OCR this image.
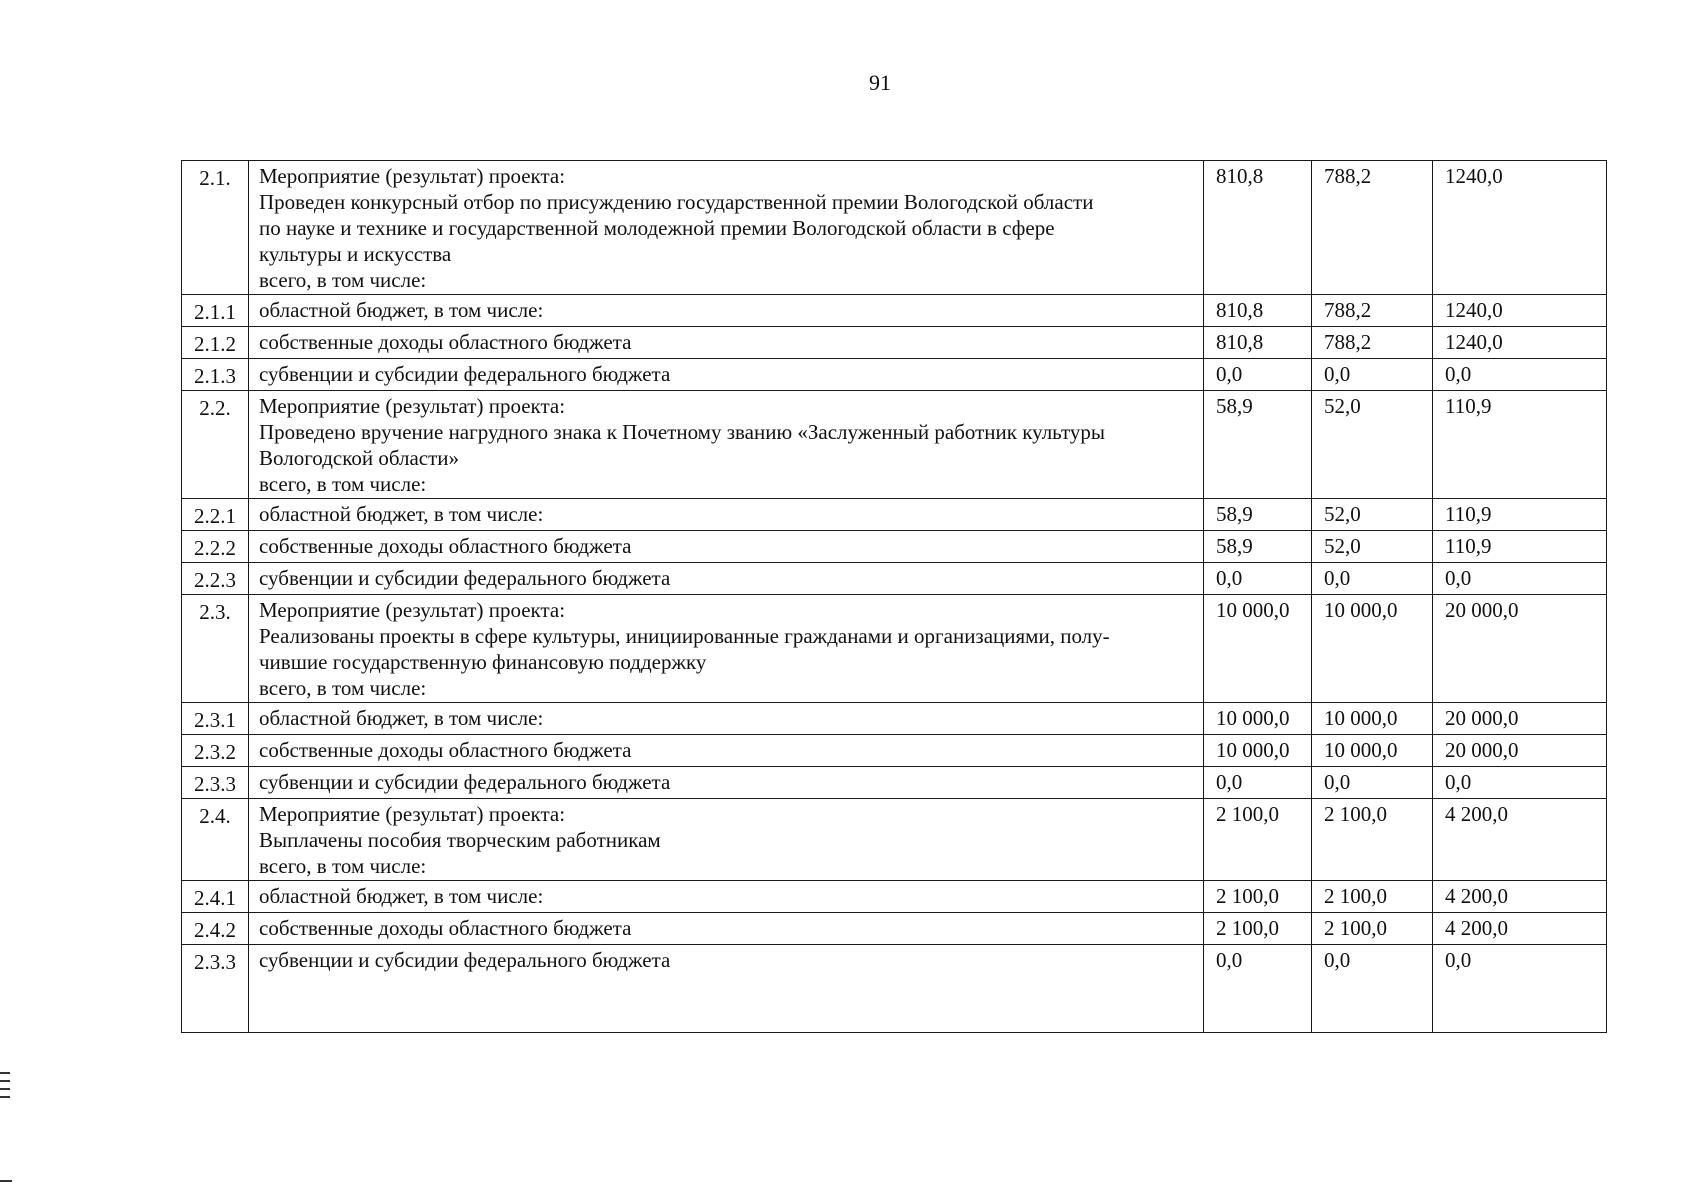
91
2.1.	Мероприятие (результат) проекта:
Проведен конкурсный отбор по присуждению государственной премии Вологодской области
по науке и технике и государственной молодежной премии Вологодской области в сфере
культуры и искусства
всего, в том числе:	810,8	788,2	1240,0
2.1.1	областной бюджет, в том числе:	810,8	788,2	1240,0
2.1.2	собственные доходы областного бюджета	810,8	788,2	1240,0
2.1.3	субвенции и субсидии федерального бюджета	0,0	0,0	0,0
2.2.	Мероприятие (результат) проекта:
Проведено вручение нагрудного знака к Почетному званию «Заслуженный работник культуры
Вологодской области»
всего, в том числе:	58,9	52,0	110,9
2.2.1	областной бюджет, в том числе:	58,9	52,0	110,9
2.2.2	собственные доходы областного бюджета	58,9	52,0	110,9
2.2.3	субвенции и субсидии федерального бюджета	0,0	0,0	0,0
2.3.	Мероприятие (результат) проекта:
Реализованы проекты в сфере культуры, инициированные гражданами и организациями, полу-
чившие государственную финансовую поддержку
всего, в том числе:	10 000,0	10 000,0	20 000,0
2.3.1	областной бюджет, в том числе:	10 000,0	10 000,0	20 000,0
2.3.2	собственные доходы областного бюджета	10 000,0	10 000,0	20 000,0
2.3.3	субвенции и субсидии федерального бюджета	0,0	0,0	0,0
2.4.	Мероприятие (результат) проекта:
Выплачены пособия творческим работникам
всего, в том числе:	2 100,0	2 100,0	4 200,0
2.4.1	областной бюджет, в том числе:	2 100,0	2 100,0	4 200,0
2.4.2	собственные доходы областного бюджета	2 100,0	2 100,0	4 200,0
2.3.3	субвенции и субсидии федерального бюджета	0,0	0,0	0,0
